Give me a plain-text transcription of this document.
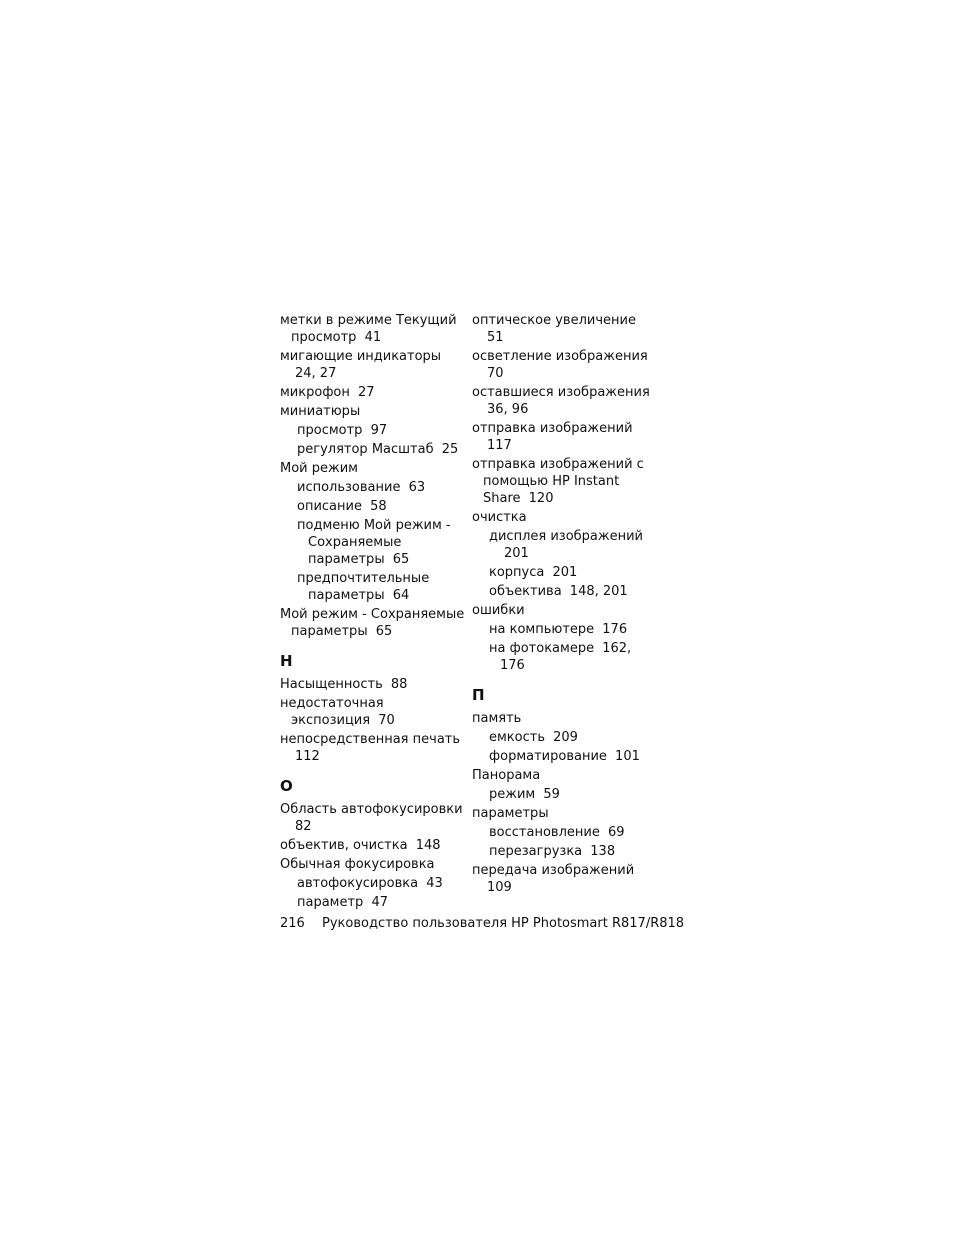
метки в режиме Текущий просмотр 41
мигающие индикаторы 24, 27
микрофон 27
миниатюры
просмотр 97
регулятор Масштаб 25
Мой режим
использование 63
описание 58
подменю Мой режим - Сохраняемые параметры 65
предпочтительные параметры 64
Мой режим - Сохраняемые параметры 65
Н
Насыщенность 88
недостаточная экспозиция 70
непосредственная печать 112
О
Область автофокусировки 82
объектив, очистка 148
Обычная фокусировка
автофокусировка 43
параметр 47
оптическое увеличение 51
осветление изображения 70
оставшиеся изображения 36, 96
отправка изображений 117
отправка изображений с помощью HP Instant Share 120
очистка
дисплея изображений 201
корпуса 201
объектива 148, 201
ошибки
на компьютере 176
на фотокамере 162, 176
П
память
емкость 209
форматирование 101
Панорама
режим 59
параметры
восстановление 69
перезагрузка 138
передача изображений 109
216 Руководство пользователя HP Photosmart R817/R818
